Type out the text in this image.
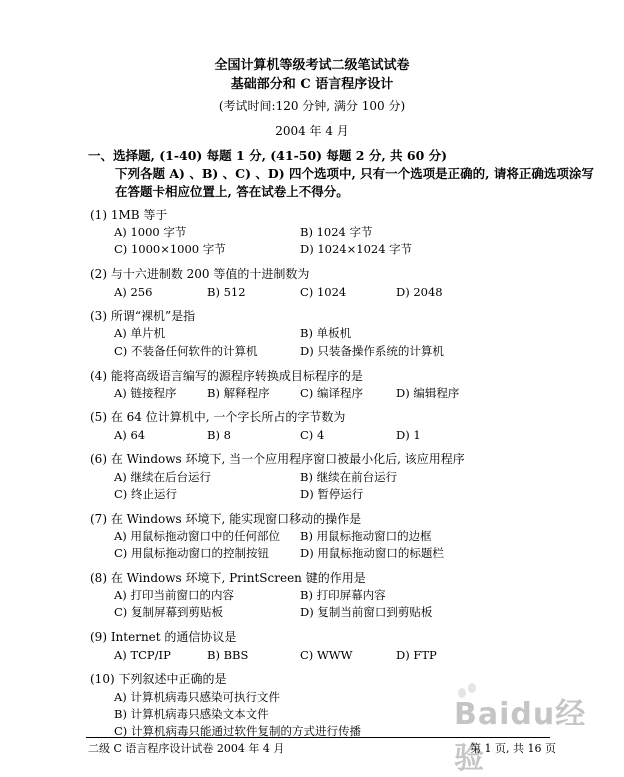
全国计算机等级考试二级笔试试卷
基础部分和 C 语言程序设计
(考试时间:120 分钟, 满分 100 分)
2004 年 4 月
一、选择题, (1-40) 每题 1 分, (41-50) 每题 2 分, 共 60 分)
下列各题 A) 、B) 、C) 、D) 四个选项中, 只有一个选项是正确的, 请将正确选项涂写
在答题卡相应位置上, 答在试卷上不得分。
(1) 1MB 等于
A) 1000 字节	B) 1024 字节
C) 1000×1000 字节	D) 1024×1024 字节
(2) 与十六进制数 200 等值的十进制数为
A) 256	B) 512	C) 1024	D) 2048
(3) 所谓“裸机”是指
A) 单片机	B) 单板机
C) 不装备任何软件的计算机	D) 只装备操作系统的计算机
(4) 能将高级语言编写的源程序转换成目标程序的是
A) 链接程序	B) 解释程序	C) 编译程序	D) 编辑程序
(5) 在 64 位计算机中, 一个字长所占的字节数为
A) 64	B) 8	C) 4	D) 1
(6) 在 Windows 环境下, 当一个应用程序窗口被最小化后, 该应用程序
A) 继续在后台运行	B) 继续在前台运行
C) 终止运行	D) 暂停运行
(7) 在 Windows 环境下, 能实现窗口移动的操作是
A) 用鼠标拖动窗口中的任何部位 B) 用鼠标拖动窗口的边框
C) 用鼠标拖动窗口的控制按钮	D) 用鼠标拖动窗口的标题栏
(8) 在 Windows 环境下, PrintScreen 键的作用是
A) 打印当前窗口的内容	B) 打印屏幕内容
C) 复制屏幕到剪贴板	D) 复制当前窗口到剪贴板
(9) Internet 的通信协议是
A) TCP/IP	B) BBS	C) WWW	D) FTP
(10) 下列叙述中正确的是
A) 计算机病毒只感染可执行文件
B) 计算机病毒只感染文本文件
C) 计算机病毒只能通过软件复制的方式进行传播	Baidu经验
二级 C 语言程序设计试卷 2004 年 4 月	第 1 页, 共 16 页
